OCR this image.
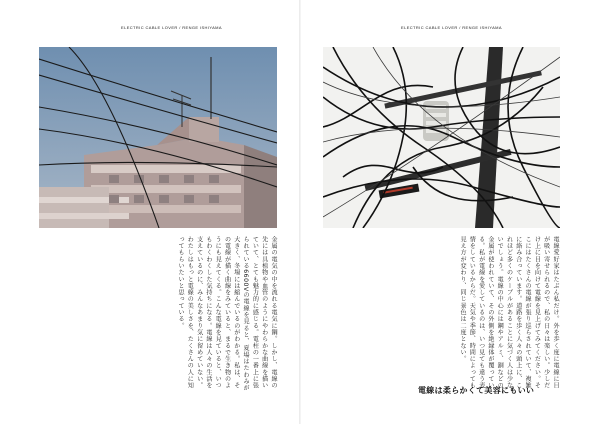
ELECTRIC CABLE LOVER / RENGE ISHIYAMA
金属の電気の中を流れる電気に鋼。しかし、電線の先には具植物や血管のようにやわらかな曲線を描いていて、とても魅力的に感じる。電柱の一番上に張られている6600Vの電線を見ると、夏場はたわみが大きく、冬場には縮んでいるのがわかる。私は、その電線が描く曲線をみていると、まるで生き物のようにも見えてくる。こんな電線を見ていると、いつもわくわくした気持ちになる。電線は人々の生活を支えているのに、みんなあまり気に留めていない。わたしはもっと電線の美しさを、たくさんの人に知ってもらいたいと思っている。
ELECTRIC CABLE LOVER / RENGE ISHIYAMA
電線愛好家はたぶん私だけ。外を歩く度に電線に目が吸い寄せられるので、私の日々は楽しい。少しだけ上に目を向けて電線を見上げてみてください。そこにはたくさんの電線が張り巡らされていて、複雑に絡み合っています。道路を歩く人々の頭上に、これほど多くのケーブルがあることに気づく人は少ないでしょう。電線の中心には鋼やアルミ、銅などの金属が使われていて、その外側を絶縁体が覆っている。私が電線を愛しているのは、いつ見ても違う表情をしているからだ。天気や季節、時間によっても見え方が変わり、同じ景色は二度とない。
電線は柔らかくて美容にもいい
